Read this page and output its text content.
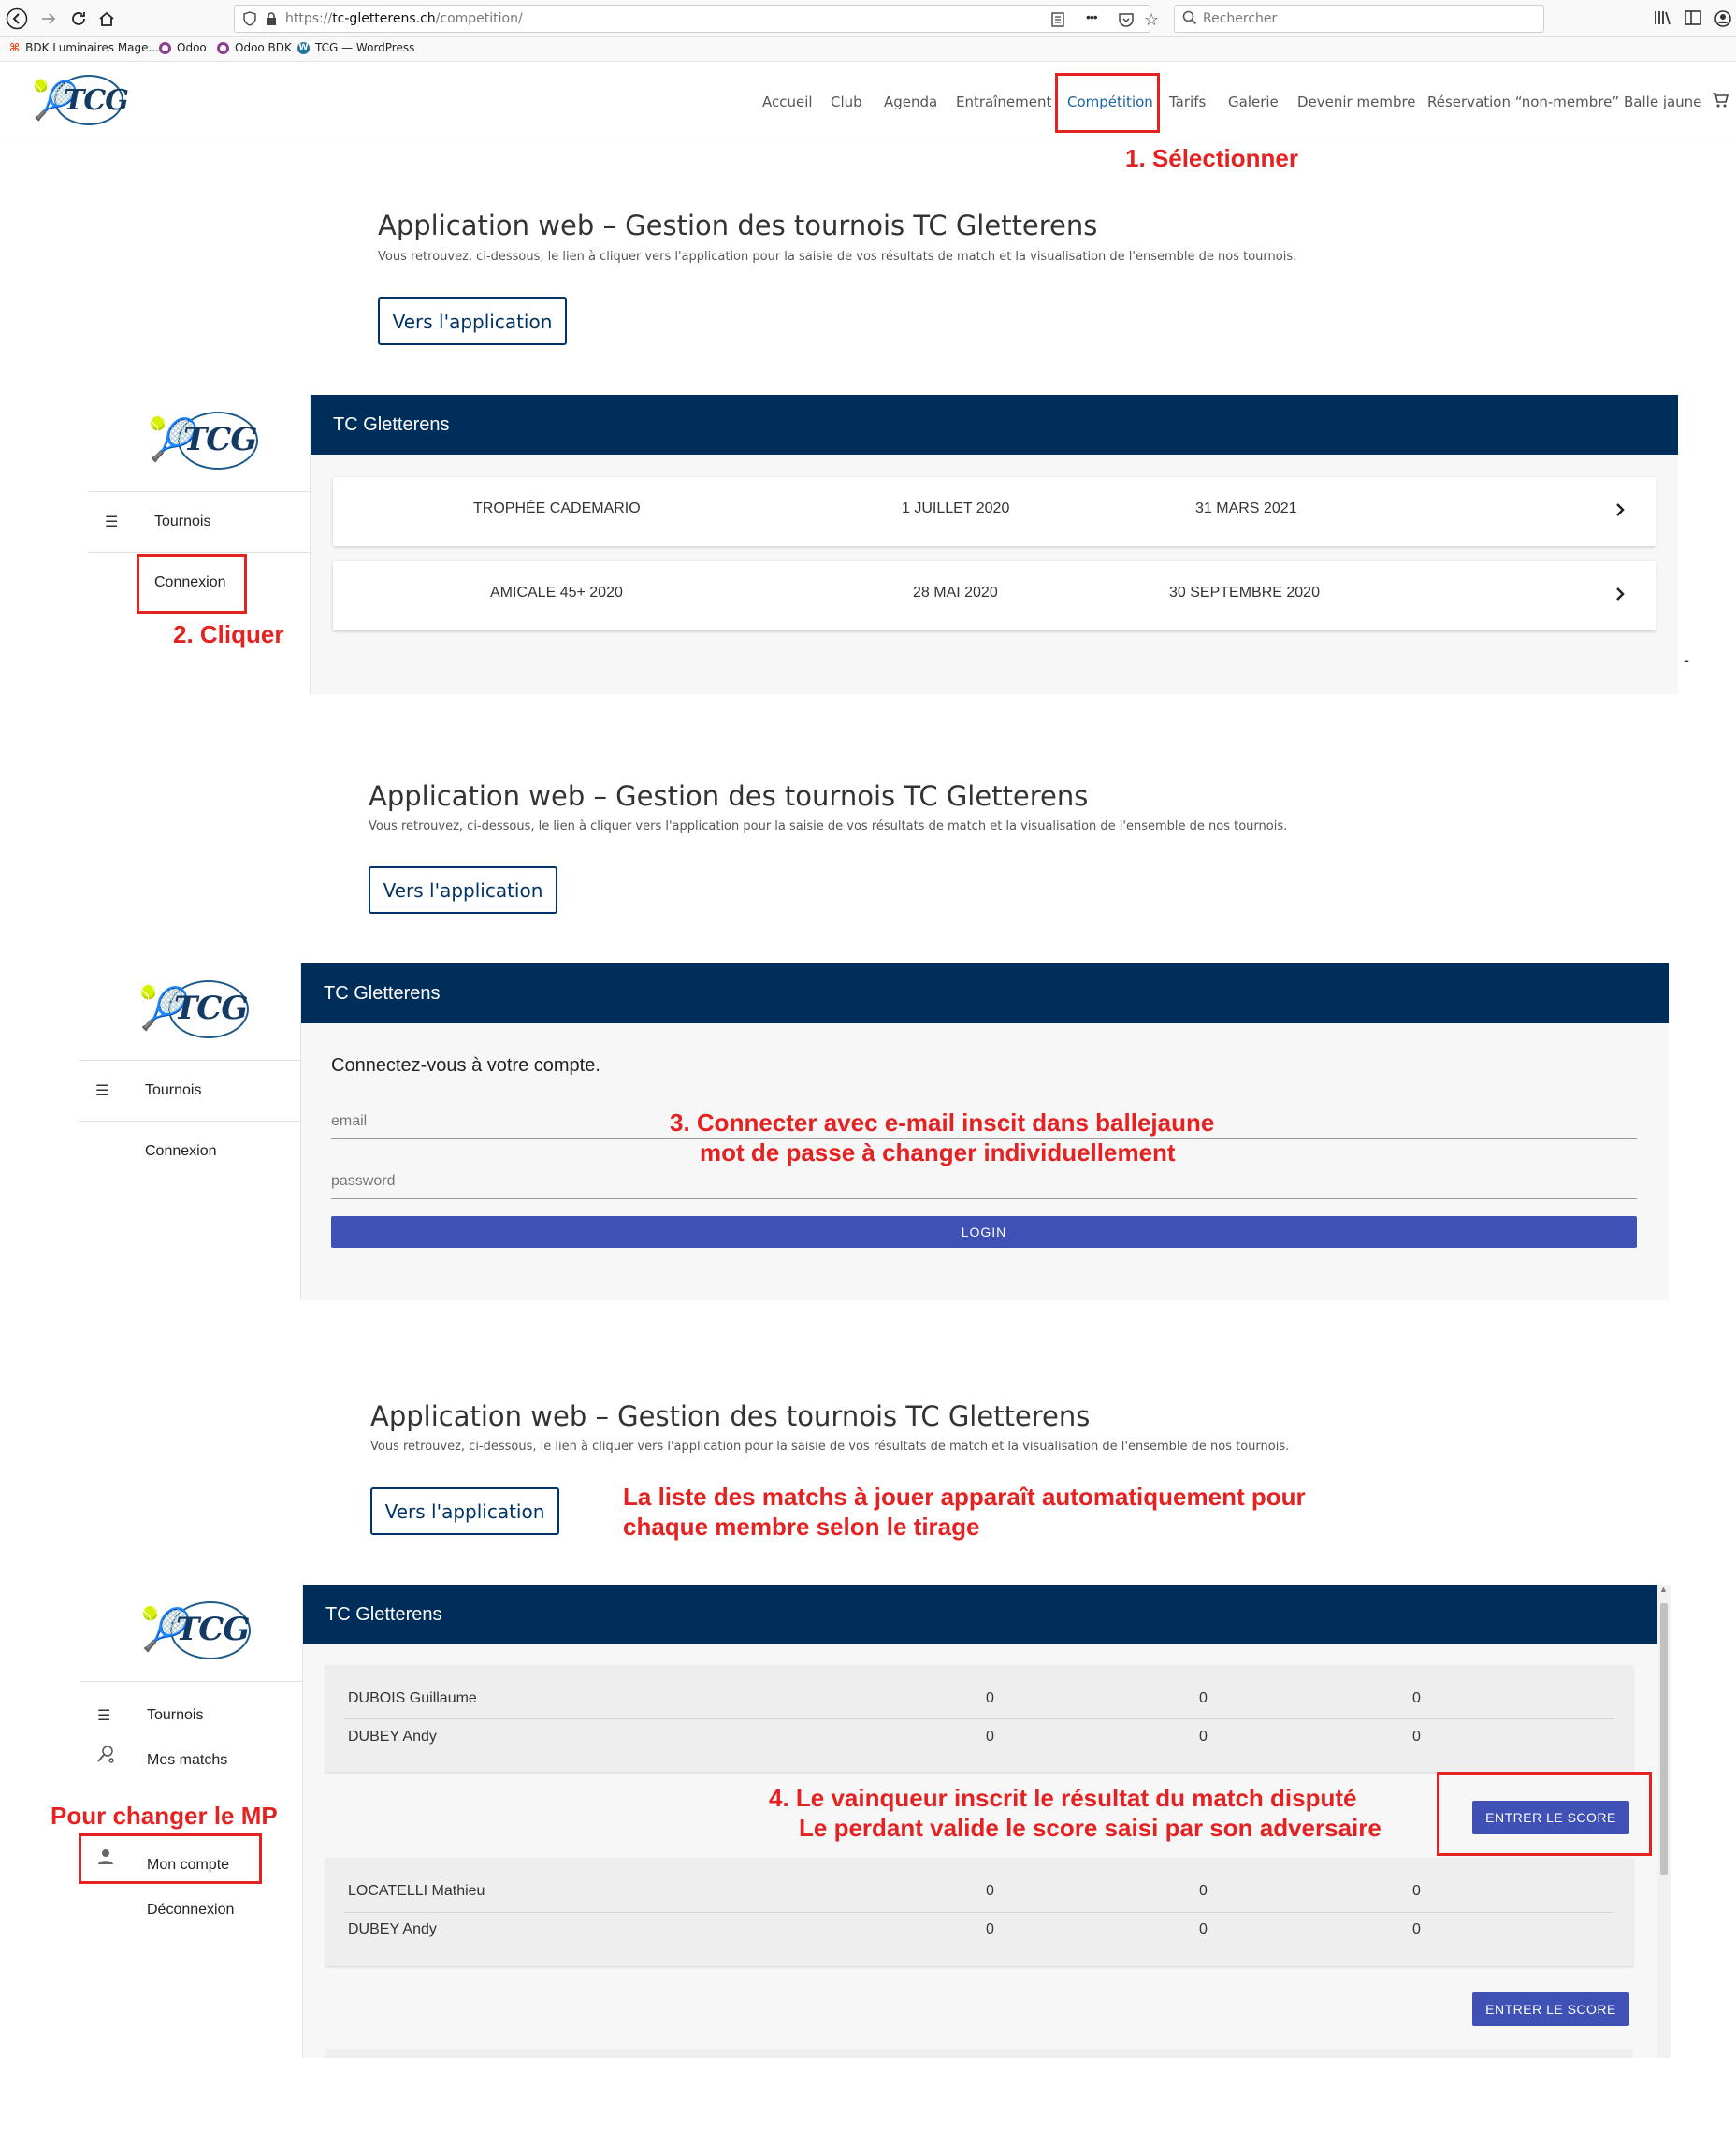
https://tc-gletterens.ch/competition/	•••	☆	Rechercher
⌘ BDK Luminaires Mage... Odoo	Odoo BDK W TCG — WordPress
🎾
TCG	Accueil Club Agenda Entraînement Compétition Tarifs Galerie Devenir membre Réservation “non-membre” Balle jaune
1. Sélectionner
Application web – Gestion des tournois TC Gletterens

Vous retrouvez, ci-dessous, le lien à cliquer vers l'application pour la saisie de vos résultats de match et la visualisation de l'ensemble de nos tournois.

Vers l'application
🎾
TCG
☰ Tournois
Connexion
2. Cliquer
TC Gletterens
TROPHÉE CADEMARIO	1 JUILLET 2020	31 MARS 2021
AMICALE 45+ 2020	28 MAI 2020	30 SEPTEMBRE 2020
-
Application web – Gestion des tournois TC Gletterens

Vous retrouvez, ci-dessous, le lien à cliquer vers l'application pour la saisie de vos résultats de match et la visualisation de l'ensemble de nos tournois.

Vers l'application
🎾
TCG
☰ Tournois
Connexion
TC Gletterens
Connectez-vous à votre compte.
email
password
LOGIN
3. Connecter avec e-mail inscit dans ballejaune
mot de passe à changer individuellement
Application web – Gestion des tournois TC Gletterens

Vous retrouvez, ci-dessous, le lien à cliquer vers l'application pour la saisie de vos résultats de match et la visualisation de l'ensemble de nos tournois.

Vers l'application
La liste des matchs à jouer apparaît automatiquement pour
chaque membre selon le tirage
🎾
TCG
☰ Tournois
Mes matchs
Mon compte
Déconnexion
Pour changer le MP
TC Gletterens
▲
DUBOIS Guillaume	0	0	0
DUBEY Andy	0	0	0
ENTRER LE SCORE
4. Le vainqueur inscrit le résultat du match disputé
Le perdant valide le score saisi par son adversaire
LOCATELLI Mathieu	0	0	0
DUBEY Andy	0	0	0
ENTRER LE SCORE
